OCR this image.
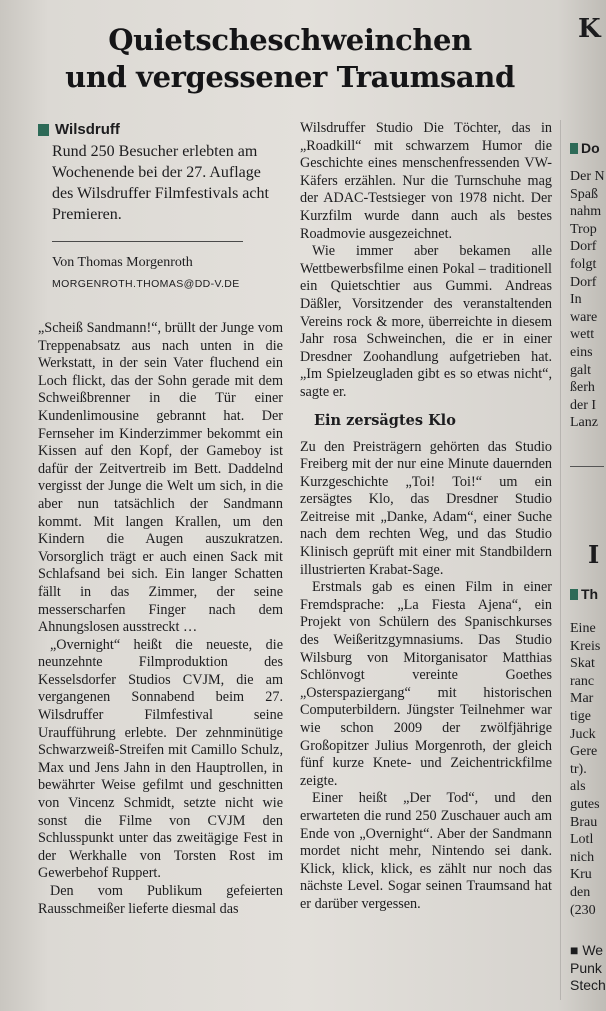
Quietscheschweinchen
und vergessener Traumsand
Wilsdruff
Rund 250 Besucher erlebten am Wochenende bei der 27. Auflage des Wilsdruffer Filmfestivals acht Premieren.
Von Thomas Morgenroth
MORGENROTH.THOMAS@DD-V.DE

„Scheiß Sandmann!“, brüllt der Junge vom Treppenabsatz aus nach unten in die Werkstatt, in der sein Vater fluchend ein Loch flickt, das der Sohn gerade mit dem Schweißbrenner in die Tür einer Kundenlimousine gebrannt hat. Der Fernseher im Kinderzimmer bekommt ein Kissen auf den Kopf, der Gameboy ist dafür der Zeitvertreib im Bett. Daddelnd vergisst der Junge die Welt um sich, in die aber nun tatsächlich der Sandmann kommt. Mit langen Krallen, um den Kindern die Augen auszukratzen. Vorsorglich trägt er auch einen Sack mit Schlafsand bei sich. Ein langer Schatten fällt in das Zimmer, der seine messerscharfen Finger nach dem Ahnungslosen ausstreckt …

„Overnight“ heißt die neueste, die neunzehnte Filmproduktion des Kesselsdorfer Studios CVJM, die am vergangenen Sonnabend beim 27. Wilsdruffer Filmfestival seine Uraufführung erlebte. Der zehnminütige Schwarzweiß-Streifen mit Camillo Schulz, Max und Jens Jahn in den Hauptrollen, in bewährter Weise gefilmt und geschnitten von Vincenz Schmidt, setzte nicht wie sonst die Filme von CVJM den Schlusspunkt unter das zweitägige Fest in der Werkhalle von Torsten Rost im Gewerbehof Ruppert.

Den vom Publikum gefeierten Rausschmeißer lieferte diesmal das

Wilsdruffer Studio Die Töchter, das in „Roadkill“ mit schwarzem Humor die Geschichte eines menschenfressenden VW-Käfers erzählen. Nur die Turnschuhe mag der ADAC-Testsieger von 1978 nicht. Der Kurzfilm wurde dann auch als bestes Roadmovie ausgezeichnet.

Wie immer aber bekamen alle Wettbewerbsfilme einen Pokal – traditionell ein Quietschtier aus Gummi. Andreas Däßler, Vorsitzender des veranstaltenden Vereins rock & more, überreichte in diesem Jahr rosa Schweinchen, die er in einer Dresdner Zoohandlung aufgetrieben hat. „Im Spielzeugladen gibt es so etwas nicht“, sagte er.

Ein zersägtes Klo

Zu den Preisträgern gehörten das Studio Freiberg mit der nur eine Minute dauernden Kurzgeschichte „Toi! Toi!“ um ein zersägtes Klo, das Dresdner Studio Zeitreise mit „Danke, Adam“, einer Suche nach dem rechten Weg, und das Studio Klinisch geprüft mit einer mit Standbildern illustrierten Krabat-Sage.

Erstmals gab es einen Film in einer Fremdsprache: „La Fiesta Ajena“, ein Projekt von Schülern des Spanischkurses des Weißeritzgymnasiums. Das Studio Wilsburg von Mitorganisator Matthias Schlönvogt vereinte Goethes „Osterspaziergang“ mit historischen Computerbildern. Jüngster Teilnehmer war wie schon 2009 der zwölfjährige Großopitzer Julius Morgenroth, der gleich fünf kurze Knete- und Zeichentrickfilme zeigte.

Einer heißt „Der Tod“, und den erwarteten die rund 250 Zuschauer auch am Ende von „Overnight“. Aber der Sandmann mordet nicht mehr, Nintendo sei dank. Klick, klick, klick, es zählt nur noch das nächste Level. Sogar seinen Traumsand hat er darüber vergessen.

K
Do
Der N
Spaß
nahm
Trop
Dorf
folgt
Dorf
In
ware
wett
eins
galt
ßerh
der I
Lanz
I
Th
Eine
Kreis
Skat
ranc
Mar
tige
Juck
Gere
tr).
als
gutes
Brau
Lotl
nich
Kru
den
(230
■ We
Punk
Stech
